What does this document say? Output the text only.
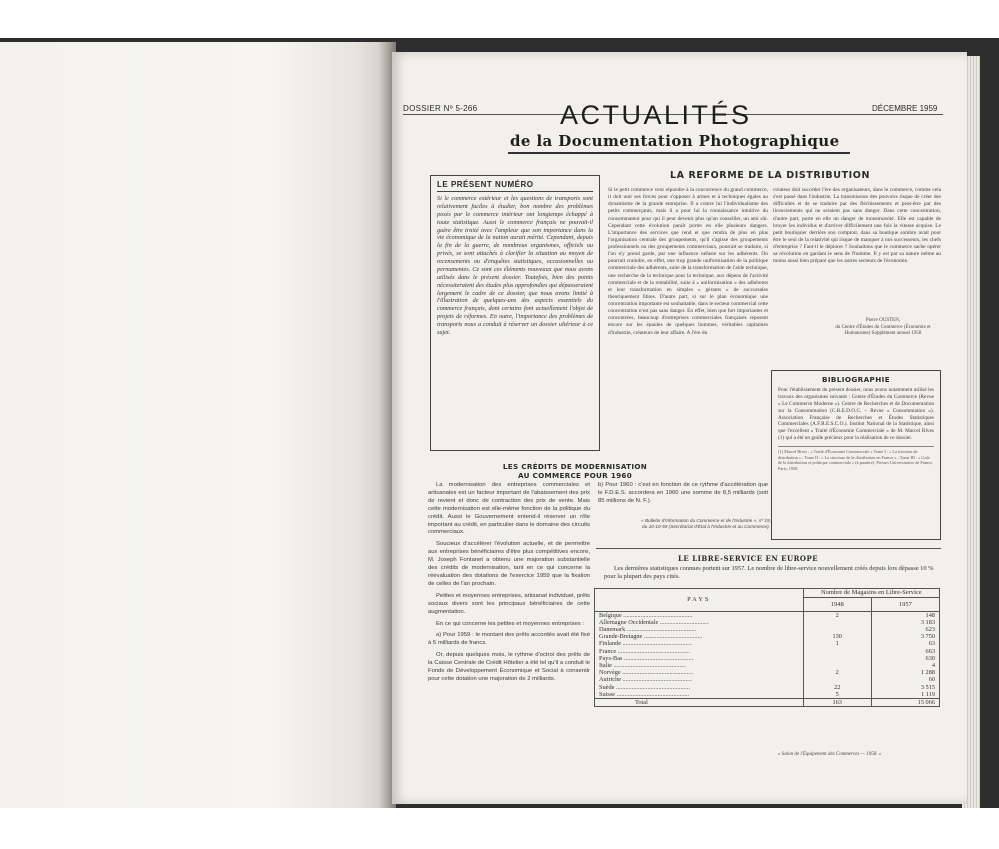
DOSSIER Nº 5-266	DÉCEMBRE 1959
ACTUALITÉS
de la Documentation Photographique
LE PRÉSENT NUMÉRO
Si le commerce extérieur et les questions de transports sont relativement faciles à étudier, bon nombre des problèmes posés par le commerce intérieur ont longtemps échappé à toute statistique. Aussi le commerce français ne pouvait-il guère être traité avec l'ampleur que son importance dans la vie économique de la nation aurait mérité. Cependant, depuis la fin de la guerre, de nombreux organismes, officiels ou privés, se sont attachés à clarifier la situation au moyen de recensements ou d'enquêtes statistiques, occasionnelles ou permanentes. Ce sont ces éléments nouveaux que nous avons utilisés dans le présent dossier. Toutefois, bien des points nécessiteraient des études plus approfondies qui dépasseraient largement le cadre de ce dossier, que nous avons limité à l'illustration de quelques-uns des aspects essentiels du commerce français, dont certains font actuellement l'objet de projets de réformes. En outre, l'importance des problèmes de transports nous a conduit à réserver un dossier ultérieur à ce sujet.
LA REFORME DE LA DISTRIBUTION
Si le petit commerce veut répondre à la concurrence du grand commerce, il doit unir ses forces pour s'opposer à armes et à techniques égales au dynamisme de la grande entreprise. Il a contre lui l'individualisme des petits commerçants, mais il a pour lui la connaissance intuitive du consommateur pour qui il peut devenir plus qu'un conseiller, un ami sûr. Cependant cette évolution paraît porter en elle plusieurs dangers. L'importance des services que rend et que rendra de plus en plus l'organisation centrale des groupements, qu'il s'agisse des groupements professionnels ou des groupements commerciaux, pourrait se traduire, si l'on n'y prend garde, par une influence néfaste sur les adhérents. On pourrait craindre, en effet, une trop grande uniformisation de la politique commerciale des adhérents, suite de la transformation de l'aide technique, une recherche de la technique pour la technique, aux dépens de l'activité commerciale et de la rentabilité, suite à « uniformisation » des adhérents et leur transformation en simples « gérants » de succursales théoriquement libres. D'autre part, si sur le plan économique une concentration importante est souhaitable, dans le secteur commercial cette concentration n'est pas sans danger. En effet, bien que fort importantes et concentrées, beaucoup d'entreprises commerciales françaises reposent encore sur les épaules de quelques hommes, véritables capitaines d'industrie, créateurs de leur affaire. A l'ère du
créateur doit succéder l'ère des organisateurs, dans le commerce, comme cela s'est passé dans l'industrie. La transmission des pouvoirs risque de créer des difficultés et de se traduire par des fléchissements et peut-être par des licenciements qui ne seraient pas sans danger. Dans cette concentration, d'autre part, porte en elle un danger de monstruosité. Elle est capable de broyer les individus et d'arriver difficilement une fois la vitesse acquise. Le petit boutiquier derrière son comptoir, dans sa boutique sombre avait pour être le seul de la relativité qui risque de manquer à nos successeurs, les chefs d'entreprise ? Faut-il le déplorer ? Souhaitons que le commerce sache opérer sa révolution en gardant le sens de l'homme. Il y est par sa nature même au moins aussi bien préparé que les autres secteurs de l'économie.
Pierre OUSTEN,
du Centre d'Études du Commerce (Économie et Humanisme) Supplément annuel 1958
BIBLIOGRAPHIE
Pour l'établissement du présent dossier, nous avons notamment utilisé les travaux des organismes suivants : Centre d'Études du Commerce (Revue « Le Commerce Moderne »). Centre de Recherches et de Documentation sur la Consommation (C.R.E.D.O.C. – Revue « Consommation »). Association Française de Recherches et Études Statistiques Commerciales (A.F.R.E.S.C.O.). Institut National de la Statistique, ainsi que l'excellent « Traité d'Économie Commerciale » de M. Marcel Rives (1) qui a été un guide précieux pour la réalisation de ce dossier.
(1) Marcel Rives : « Traité d'Économie Commerciale » Tome I : « La fonction de distribution » ; Tome II : « La structure de la distribution en France » ; Tome III : « Coût de la distribution et politique commerciale » (à paraître). Presses Universitaires de France, Paris, 1958.
LES CRÉDITS DE MODERNISATION
AU COMMERCE POUR 1960

La modernisation des entreprises commerciales et artisanales est un facteur important de l'abaissement des prix de revient et donc de contraction des prix de vente. Mais cette modernisation est elle-même fonction de la politique du crédit. Aussi le Gouvernement entend-il réserver un rôle important au crédit, en particulier dans le domaine des circuits commerciaux.

Soucieux d'accélérer l'évolution actuelle, et de permettre aux entreprises bénéficiaires d'être plus compétitives encore, M. Joseph Fontanet a obtenu une majoration substantielle des crédits de modernisation, tant en ce qui concerne la réévaluation des dotations de l'exercice 1959 que la fixation de celles de l'an prochain.

Petites et moyennes entreprises, artisanat individuel, prêts sociaux divers sont les principaux bénéficiaires de cette augmentation.

En ce qui concerne les petites et moyennes entreprises :

a) Pour 1959 : le montant des prêts accordés avait été fixé à 5 milliards de francs.

Or, depuis quelques mois, le rythme d'octroi des prêts de la Caisse Centrale de Crédit Hôtelier a été tel qu'il a conduit le Fonds de Développement Économique et Social à consentir pour cette dotation une majoration de 2 milliards.

b) Pour 1960 : c'est en fonction de ce rythme d'accélération que le F.D.E.S. accordera en 1960 une somme de 8,5 milliards (soit 85 millions de N. F.).
« Bulletin d'Information du Commerce et de l'Industrie », nº 19, du 10-10-59 (Secrétariat d'État à l'Industrie et au Commerce).
LE LIBRE-SERVICE EN EUROPE
Les dernières statistiques connues portent sur 1957. Le nombre de libre-service nouvellement créés depuis lors dépasse 10 % pour la plupart des pays cités.
PAYS	Nombre de Magasins en Libre-Service	
	1948	1957
Belgique ............................................	2	148
Allemagne Occidentale ...............................		3 183
Danemark ............................................		623
Grande-Bretagne .....................................	130	3 750
Finlande ............................................	1	63
France ..............................................		663
Pays-Bas ............................................		630
Italie ..............................................		4
Norvège .............................................	2	1 288
Autriche ............................................		60
Suède ...............................................	22	3 515
Suisse ..............................................	5	1 119
Total	163	15 066
« Salon de l'Équipement des Commerces — 1958. »
